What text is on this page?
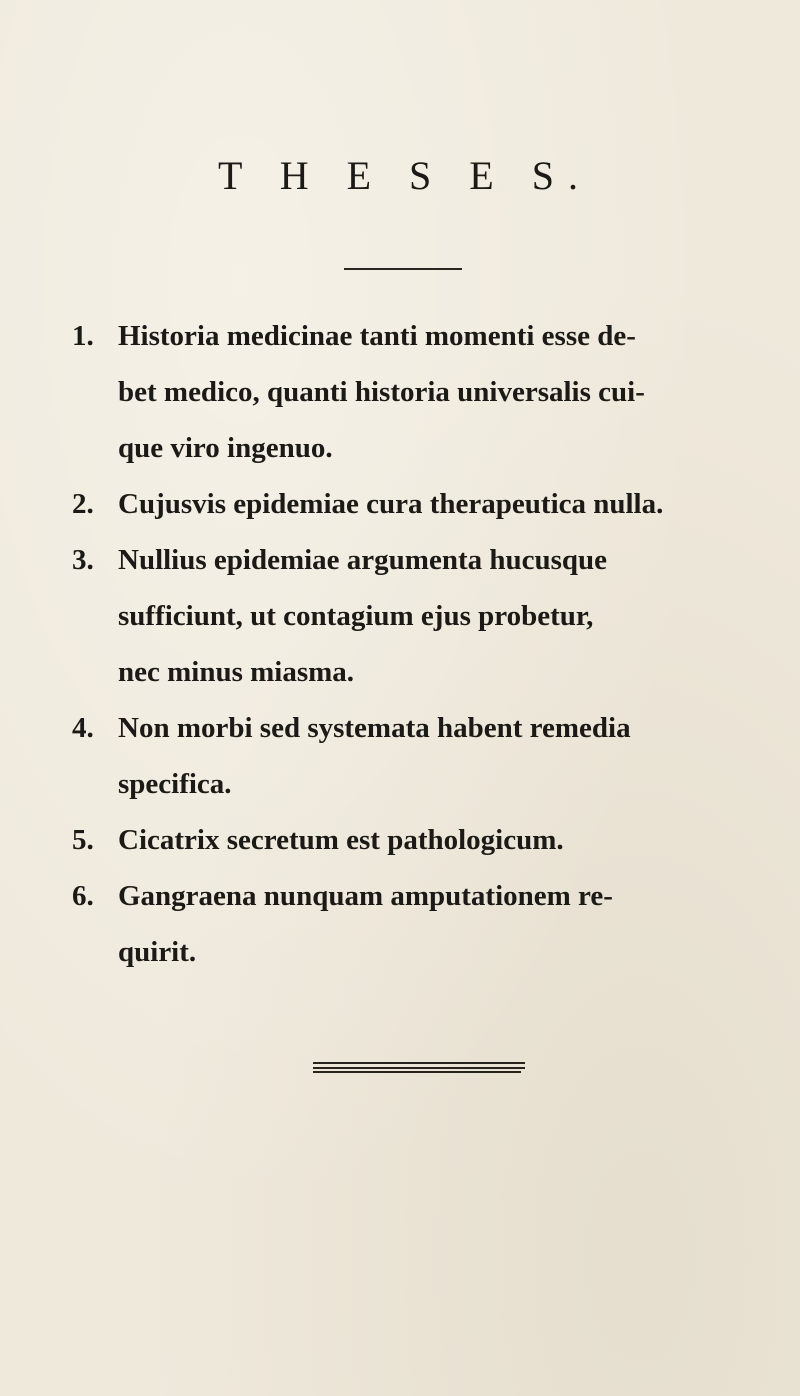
T H E S E S.
1. Historia medicinae tanti momenti esse de-
bet medico, quanti historia universalis cui-
que viro ingenuo.
2. Cujusvis epidemiae cura therapeutica nulla.
3. Nullius epidemiae argumenta hucusque
sufficiunt, ut contagium ejus probetur,
nec minus miasma.
4. Non morbi sed systemata habent remedia
specifica.
5. Cicatrix secretum est pathologicum.
6. Gangraena nunquam amputationem re-
quirit.
